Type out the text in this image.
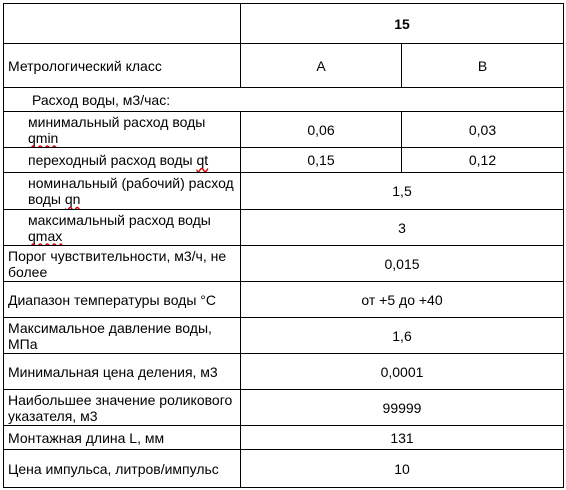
	15	
Метрологический класс	A	B
Расход воды, м3/час:		
минимальный расход воды qmin	0,06	0,03
переходный расход воды qt	0,15	0,12
номинальный (рабочий) расход воды qn	1,5	
максимальный расход воды qmax	3	
Порог чувствительности, м3/ч, не более	0,015	
Диапазон температуры воды °С	от +5 до +40	
Максимальное давление воды, МПа	1,6	
Минимальная цена деления, м3	0,0001	
Наибольшее значение роликового указателя, м3	99999	
Монтажная длина L, мм	131	
Цена импульса, литров/импульс	10	
